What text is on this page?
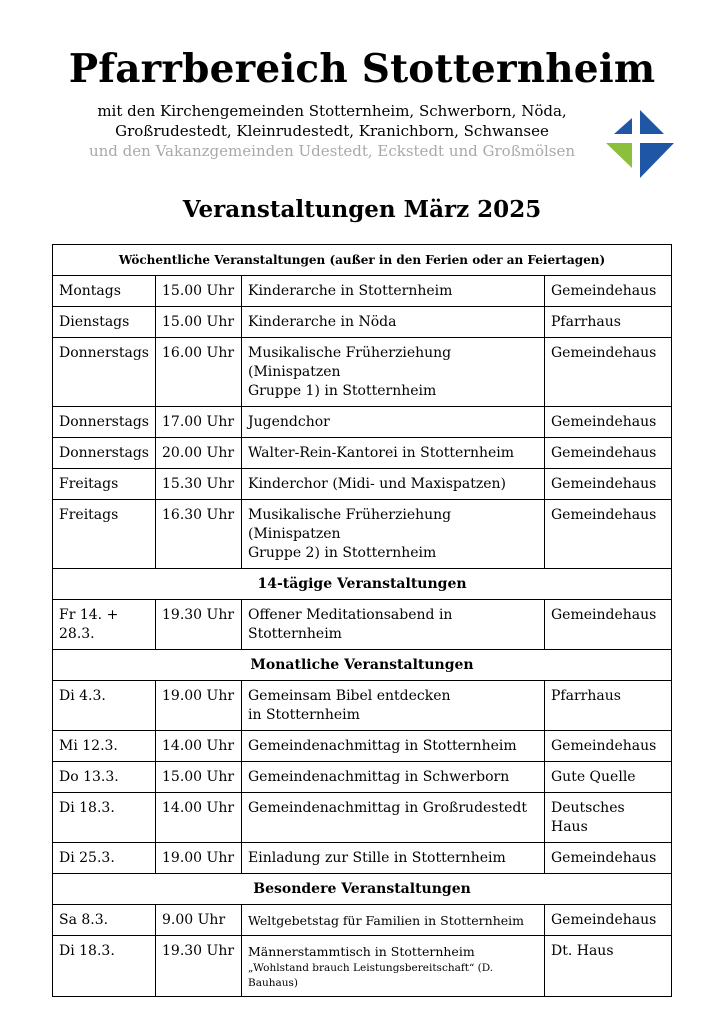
Pfarrbereich Stotternheim
mit den Kirchengemeinden Stotternheim, Schwerborn, Nöda,
Großrudestedt, Kleinrudestedt, Kranichborn, Schwansee
und den Vakanzgemeinden Udestedt, Eckstedt und Großmölsen
Veranstaltungen März 2025
Wöchentliche Veranstaltungen (außer in den Ferien oder an Feiertagen)			
Montags	15.00 Uhr	Kinderarche in Stotternheim	Gemeindehaus
Dienstags	15.00 Uhr	Kinderarche in Nöda	Pfarrhaus
Donnerstags	16.00 Uhr	Musikalische Früherziehung (Minispatzen
Gruppe 1) in Stotternheim	Gemeindehaus
Donnerstags	17.00 Uhr	Jugendchor	Gemeindehaus
Donnerstags	20.00 Uhr	Walter-Rein-Kantorei in Stotternheim	Gemeindehaus
Freitags	15.30 Uhr	Kinderchor (Midi- und Maxispatzen)	Gemeindehaus
Freitags	16.30 Uhr	Musikalische Früherziehung (Minispatzen
Gruppe 2) in Stotternheim	Gemeindehaus
14-tägige Veranstaltungen			
Fr 14. + 28.3.	19.30 Uhr	Offener Meditationsabend in Stotternheim	Gemeindehaus
Monatliche Veranstaltungen			
Di 4.3.	19.00 Uhr	Gemeinsam Bibel entdecken
in Stotternheim	Pfarrhaus
Mi 12.3.	14.00 Uhr	Gemeindenachmittag in Stotternheim	Gemeindehaus
Do 13.3.	15.00 Uhr	Gemeindenachmittag in Schwerborn	Gute Quelle
Di 18.3.	14.00 Uhr	Gemeindenachmittag in Großrudestedt	Deutsches Haus
Di 25.3.	19.00 Uhr	Einladung zur Stille in Stotternheim	Gemeindehaus
Besondere Veranstaltungen			
Sa 8.3.	9.00 Uhr	Weltgebetstag für Familien in Stotternheim	Gemeindehaus
Di 18.3.	19.30 Uhr	Männerstammtisch in Stotternheim
„Wohlstand brauch Leistungsbereitschaft“ (D. Bauhaus)	Dt. Haus
